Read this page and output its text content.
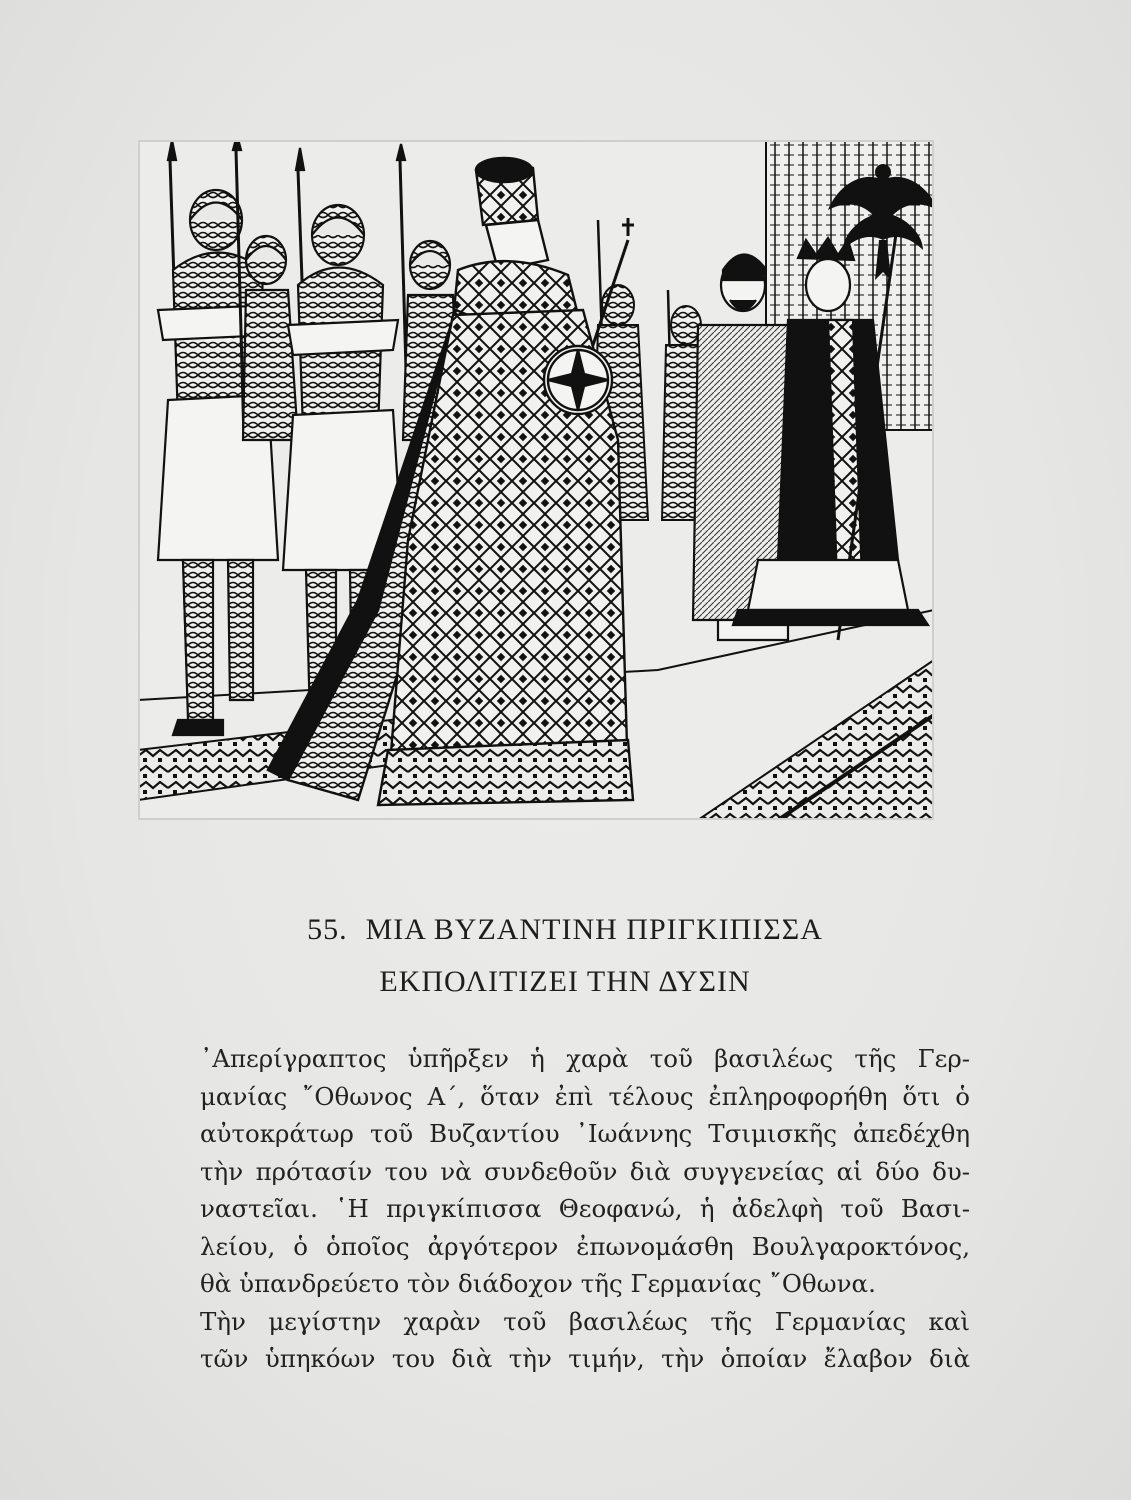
55. ΜΙΑ ΒΥΖΑΝΤΙΝΗ ΠΡΙΓΚΙΠΙΣΣΑ
ΕΚΠΟΛΙΤΙΖΕΙ ΤΗΝ ΔΥΣΙΝ
᾿Απερίγραπτος ὑπῆρξεν ἡ χαρὰ τοῦ βασιλέως τῆς Γερ-
μανίας ῎Οθωνος Α΄, ὅταν ἐπὶ τέλους ἐπληροφορήθη ὅτι ὁ
αὐτοκράτωρ τοῦ Βυζαντίου ᾿Ιωάννης Τσιμισκῆς ἀπεδέχθη
τὴν πρότασίν του νὰ συνδεθοῦν διὰ συγγενείας αἱ δύο δυ-
ναστεῖαι. ῾Η πριγκίπισσα Θεοφανώ, ἡ ἀδελφὴ τοῦ Βασι-
λείου, ὁ ὁποῖος ἀργότερον ἐπωνομάσθη Βουλγαροκτόνος,
θὰ ὑπανδρεύετο τὸν διάδοχον τῆς Γερμανίας ῎Οθωνα.
Τὴν μεγίστην χαρὰν τοῦ βασιλέως τῆς Γερμανίας καὶ
τῶν ὑπηκόων του διὰ τὴν τιμήν, τὴν ὁποίαν ἔλαβον διὰ
